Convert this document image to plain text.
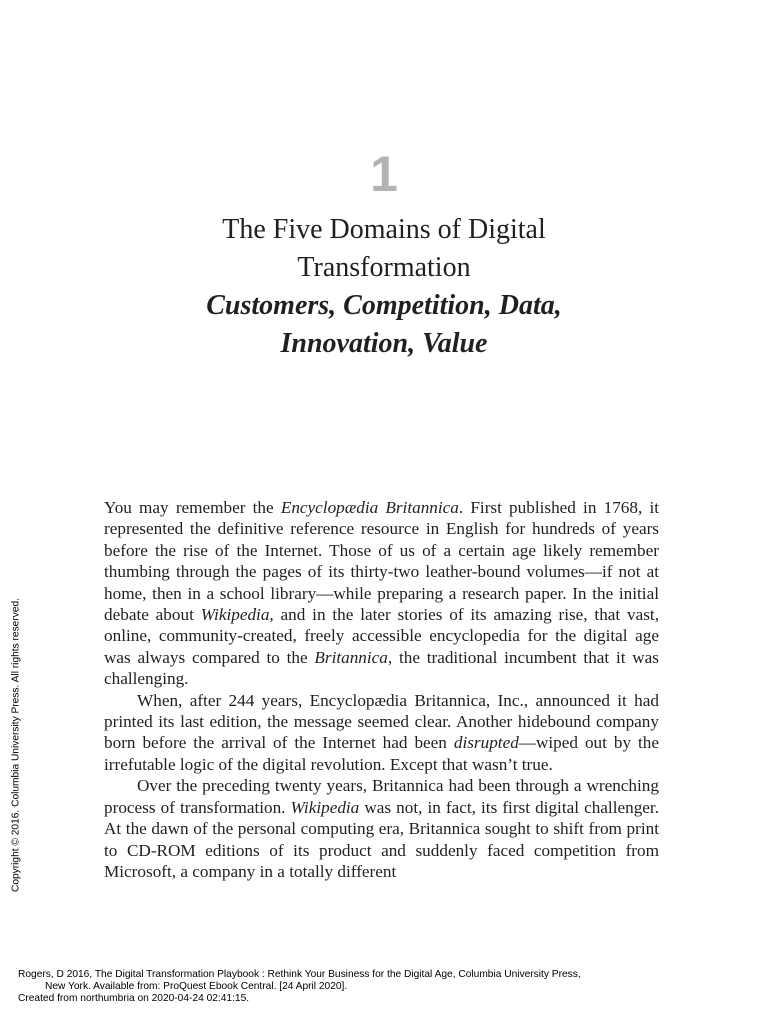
1
The Five Domains of Digital
Transformation
Customers, Competition, Data,
Innovation, Value

You may remember the Encyclopædia Britannica. First published in 1768, it represented the definitive reference resource in English for hundreds of years before the rise of the Internet. Those of us of a certain age likely remember thumbing through the pages of its thirty-two leather-bound volumes—if not at home, then in a school library—while preparing a research paper. In the initial debate about Wikipedia, and in the later stories of its amazing rise, that vast, online, community-created, freely accessible encyclopedia for the digital age was always compared to the Britannica, the traditional incumbent that it was challenging.

When, after 244 years, Encyclopædia Britannica, Inc., announced it had printed its last edition, the message seemed clear. Another hidebound company born before the arrival of the Internet had been disrupted—wiped out by the irrefutable logic of the digital revolution. Except that wasn’t true.

Over the preceding twenty years, Britannica had been through a wrenching process of transformation. Wikipedia was not, in fact, its first digital challenger. At the dawn of the personal computing era, Britannica sought to shift from print to CD-ROM editions of its product and suddenly faced competition from Microsoft, a company in a totally different

Copyright © 2016. Columbia University Press. All rights reserved.
Rogers, D 2016, The Digital Transformation Playbook : Rethink Your Business for the Digital Age, Columbia University Press,
New York. Available from: ProQuest Ebook Central. [24 April 2020].
Created from northumbria on 2020-04-24 02:41:15.
